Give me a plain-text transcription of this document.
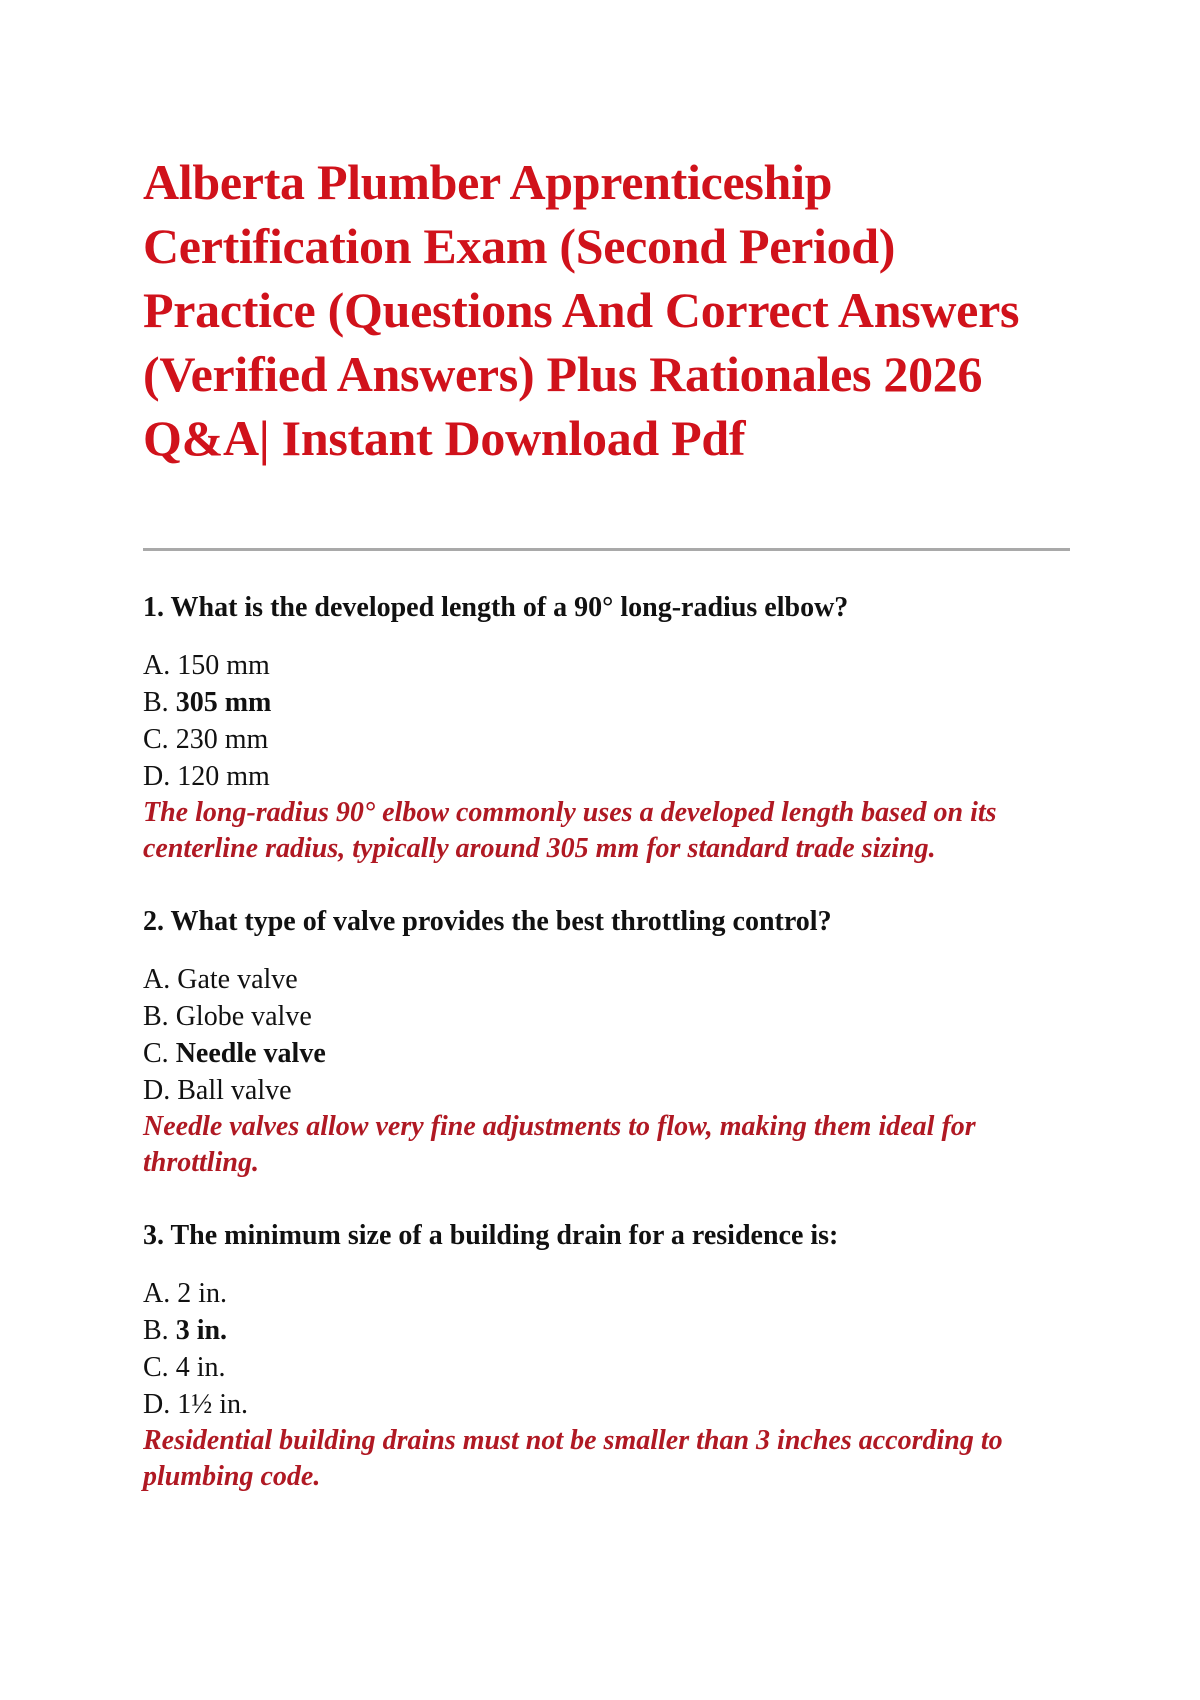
Alberta Plumber Apprenticeship Certification Exam (Second Period) Practice (Questions And Correct Answers (Verified Answers) Plus Rationales 2026 Q&A| Instant Download Pdf

1. What is the developed length of a 90° long-radius elbow?

A. 150 mm
B. 305 mm
C. 230 mm
D. 120 mm

The long-radius 90° elbow commonly uses a developed length based on its centerline radius, typically around 305 mm for standard trade sizing.

2. What type of valve provides the best throttling control?

A. Gate valve
B. Globe valve
C. Needle valve
D. Ball valve

Needle valves allow very fine adjustments to flow, making them ideal for throttling.

3. The minimum size of a building drain for a residence is:

A. 2 in.
B. 3 in.
C. 4 in.
D. 1½ in.

Residential building drains must not be smaller than 3 inches according to plumbing code.
